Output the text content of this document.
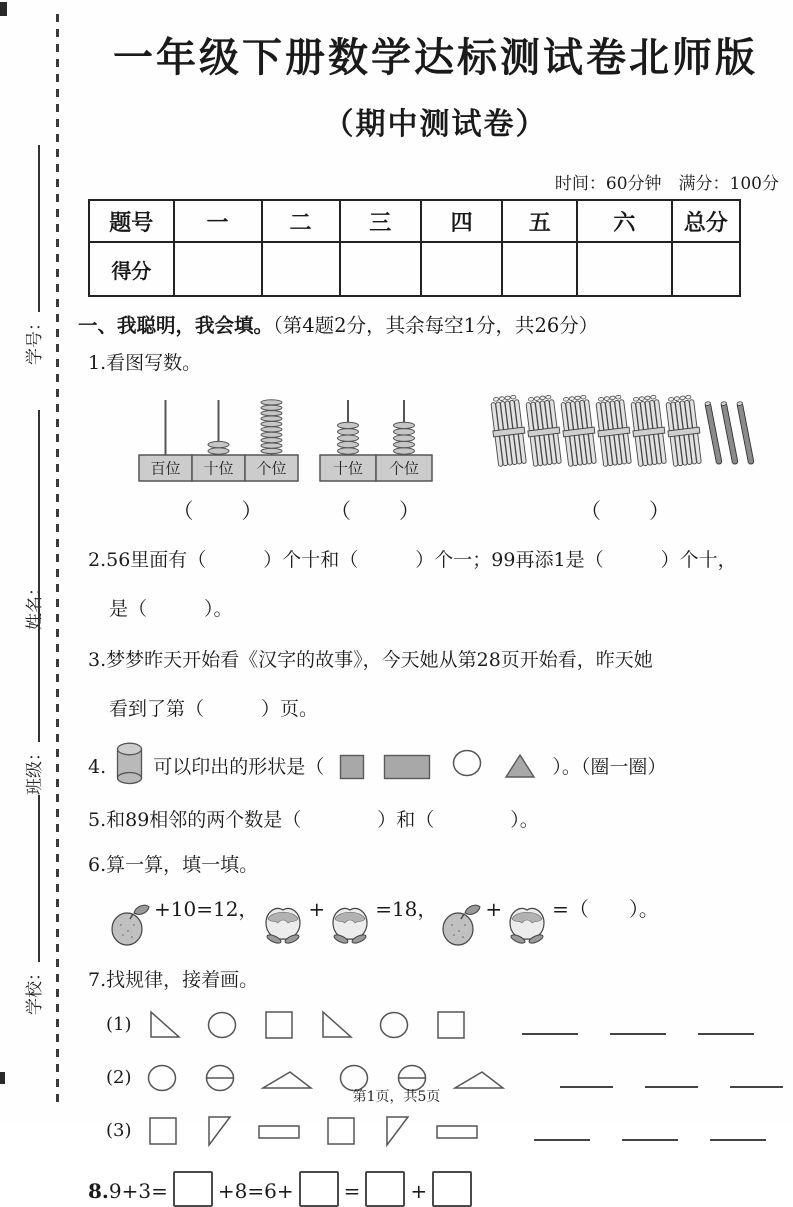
学号：
姓名：
班级：
学校：
一年级下册数学达标测试卷北师版
（期中测试卷）
时间：60分钟　满分：100分
题号	一	二	三	四	五	六	总分
得分							
一、我聪明，我会填。（第4题2分，其余每空1分，共26分）
1.看图写数。
百位 十位 个位
（　　）
十位 个位
（　　）	（　　）
2.56里面有（　　　）个十和（　　　）个一；99再添1是（　　　）个十，
是（　　　）。
3.梦梦昨天开始看《汉字的故事》，今天她从第28页开始看，昨天她
看到了第（　　　）页。
4. 可以印出的形状是（	）。（圈一圈）
5.和89相邻的两个数是（　　　　）和（　　　　）。
6.算一算，填一填。
+10=12，	+	=18， +	=（　　）。
7.找规律，接着画。
(1)
(2)
(3)
8.9+3=	+8=6+	=	+
第1页，共5页
